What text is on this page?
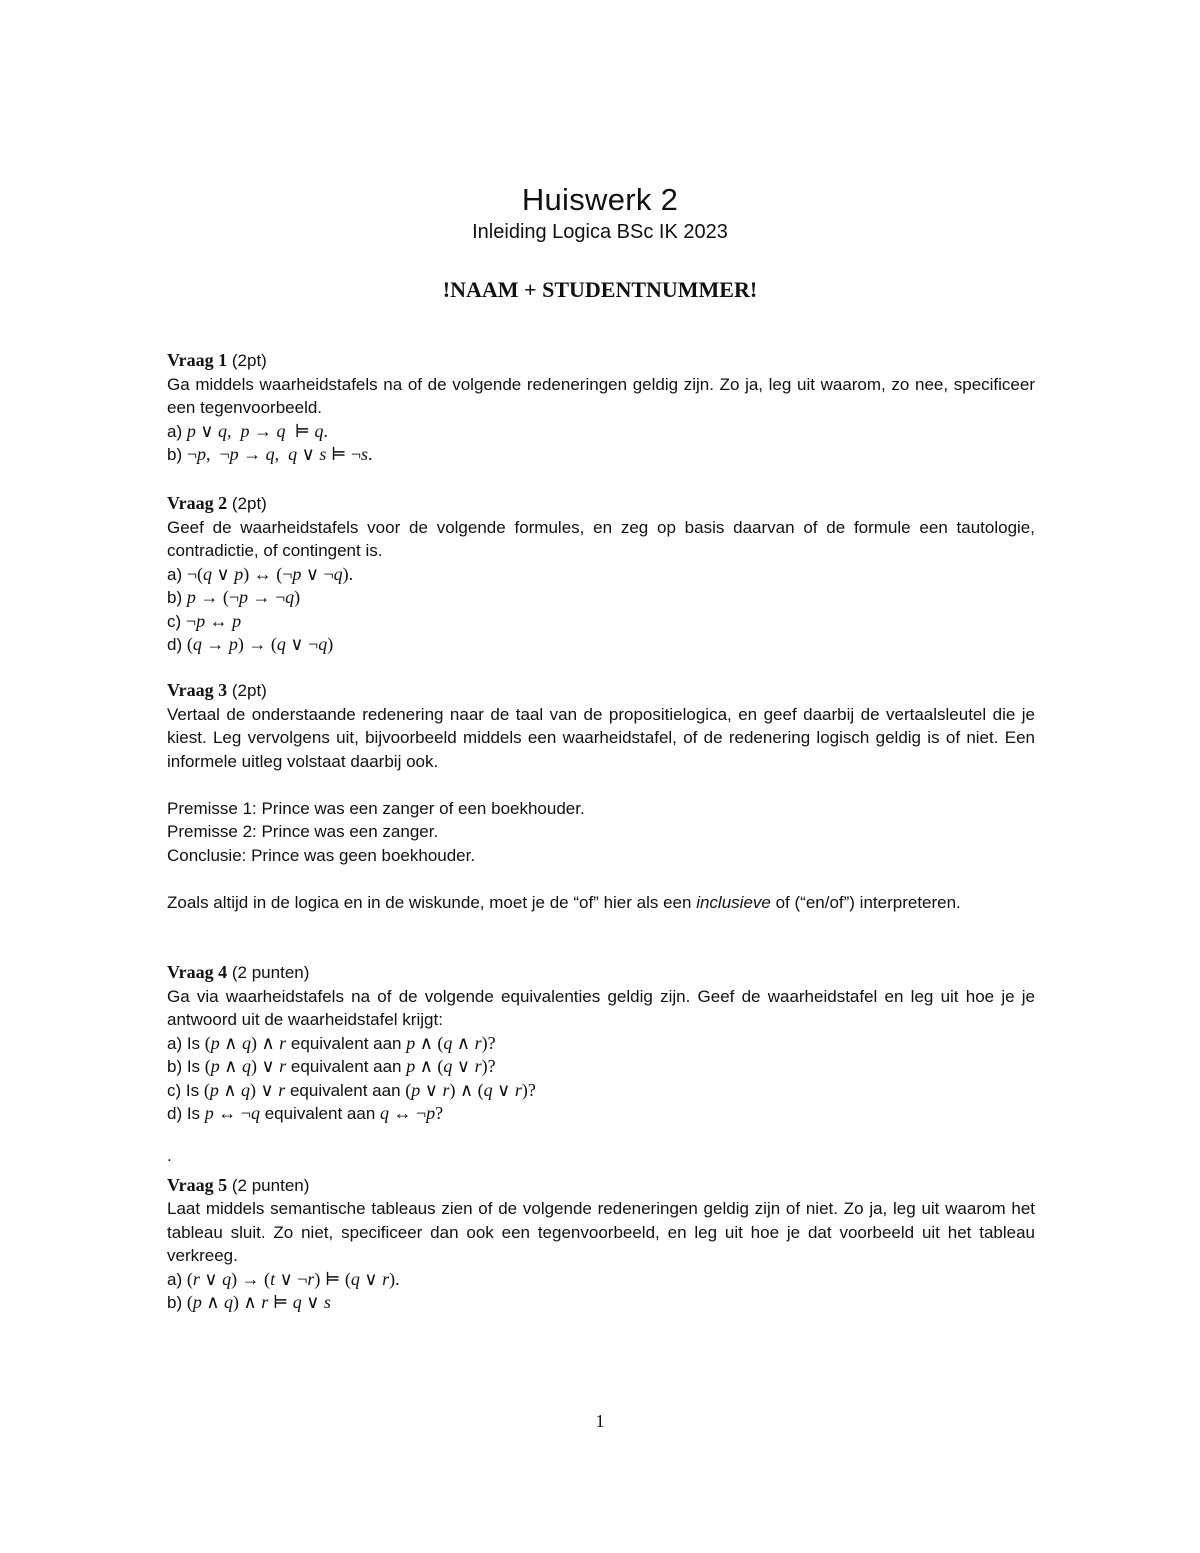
Huiswerk 2
Inleiding Logica BSc IK 2023
!NAAM + STUDENTNUMMER!

Vraag 1 (2pt)

Ga middels waarheidstafels na of de volgende redeneringen geldig zijn. Zo ja, leg uit waarom, zo nee, specificeer een tegenvoorbeeld.

a) p ∨ q,  p → q  ⊨ q.

b) ¬p,  ¬p → q,  q ∨ s ⊨ ¬s.

Vraag 2 (2pt)

Geef de waarheidstafels voor de volgende formules, en zeg op basis daarvan of de formule een tautologie, contradictie, of contingent is.

a) ¬(q ∨ p) ↔ (¬p ∨ ¬q).

b) p → (¬p → ¬q)

c) ¬p ↔ p

d) (q → p) → (q ∨ ¬q)

Vraag 3 (2pt)

Vertaal de onderstaande redenering naar de taal van de propositielogica, en geef daarbij de vertaalsleutel die je kiest. Leg vervolgens uit, bijvoorbeeld middels een waarheidstafel, of de redenering logisch geldig is of niet. Een informele uitleg volstaat daarbij ook.

Premisse 1: Prince was een zanger of een boekhouder.

Premisse 2: Prince was een zanger.

Conclusie: Prince was geen boekhouder.

Zoals altijd in de logica en in de wiskunde, moet je de “of” hier als een inclusieve of (“en/of”) interpreteren.

Vraag 4 (2 punten)

Ga via waarheidstafels na of de volgende equivalenties geldig zijn. Geef de waarheidstafel en leg uit hoe je je antwoord uit de waarheidstafel krijgt:

a) Is (p ∧ q) ∧ r equivalent aan p ∧ (q ∧ r)?

b) Is (p ∧ q) ∨ r equivalent aan p ∧ (q ∨ r)?

c) Is (p ∧ q) ∨ r equivalent aan (p ∨ r) ∧ (q ∨ r)?

d) Is p ↔ ¬q equivalent aan q ↔ ¬p?

.

Vraag 5 (2 punten)

Laat middels semantische tableaus zien of de volgende redeneringen geldig zijn of niet. Zo ja, leg uit waarom het tableau sluit. Zo niet, specificeer dan ook een tegenvoorbeeld, en leg uit hoe je dat voorbeeld uit het tableau verkreeg.

a) (r ∨ q) → (t ∨ ¬r) ⊨ (q ∨ r).

b) (p ∧ q) ∧ r ⊨ q ∨ s

1
